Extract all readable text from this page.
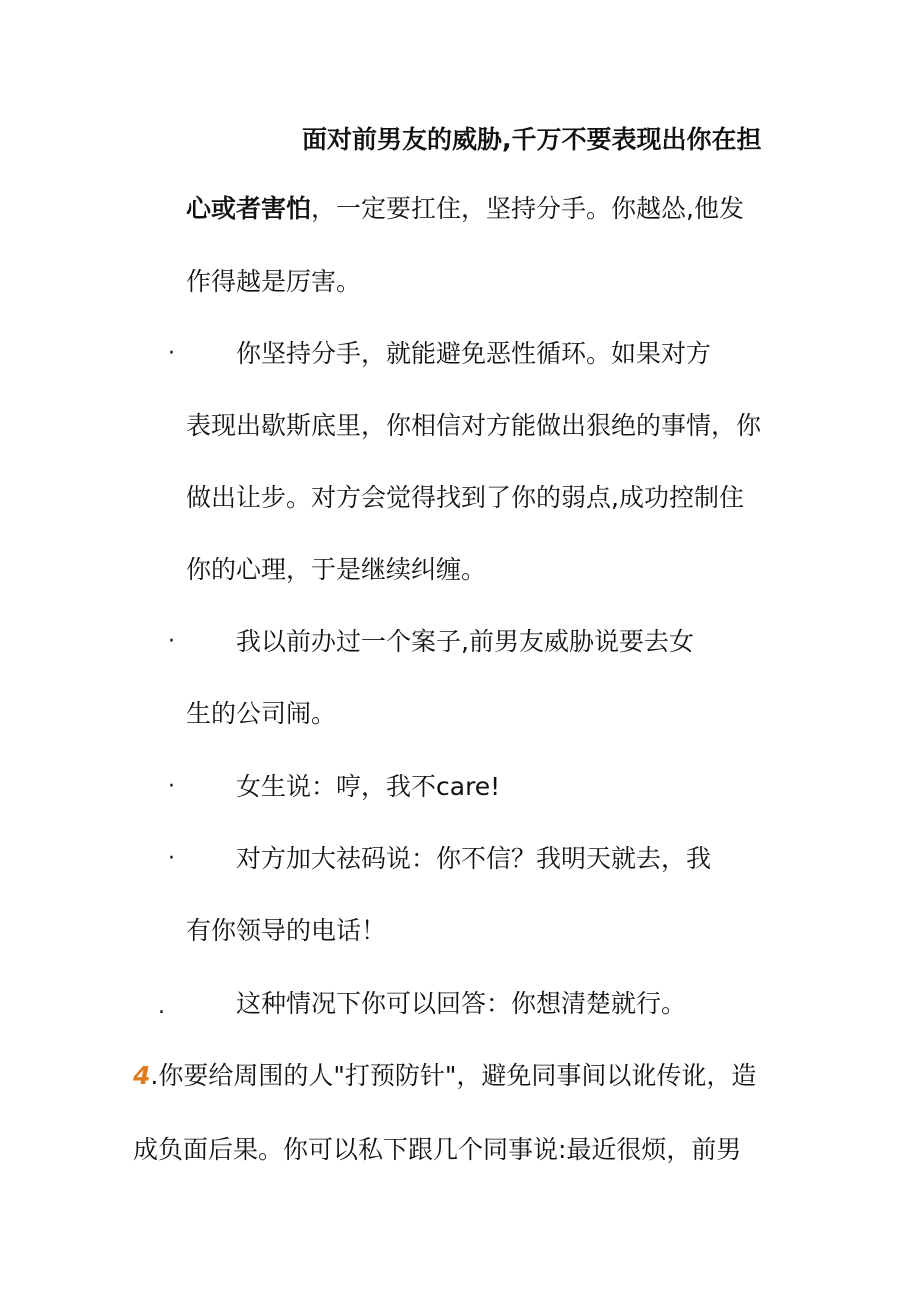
面对前男友的威胁,千万不要表现出你在担
心或者害怕，一定要扛住，坚持分手。你越怂,他发
作得越是厉害。
· 你坚持分手，就能避免恶性循环。如果对方
表现出歇斯底里，你相信对方能做出狠绝的事情，你
做出让步。对方会觉得找到了你的弱点,成功控制住
你的心理，于是继续纠缠。
· 我以前办过一个案子,前男友威胁说要去女
生的公司闹。
· 女生说：哼，我不care!
· 对方加大祛码说：你不信？我明天就去，我
有你领导的电话！
.	这种情况下你可以回答：你想清楚就行。
4.你要给周围的人"打预防针"，避免同事间以讹传讹，造
成负面后果。你可以私下跟几个同事说:最近很烦，前男
